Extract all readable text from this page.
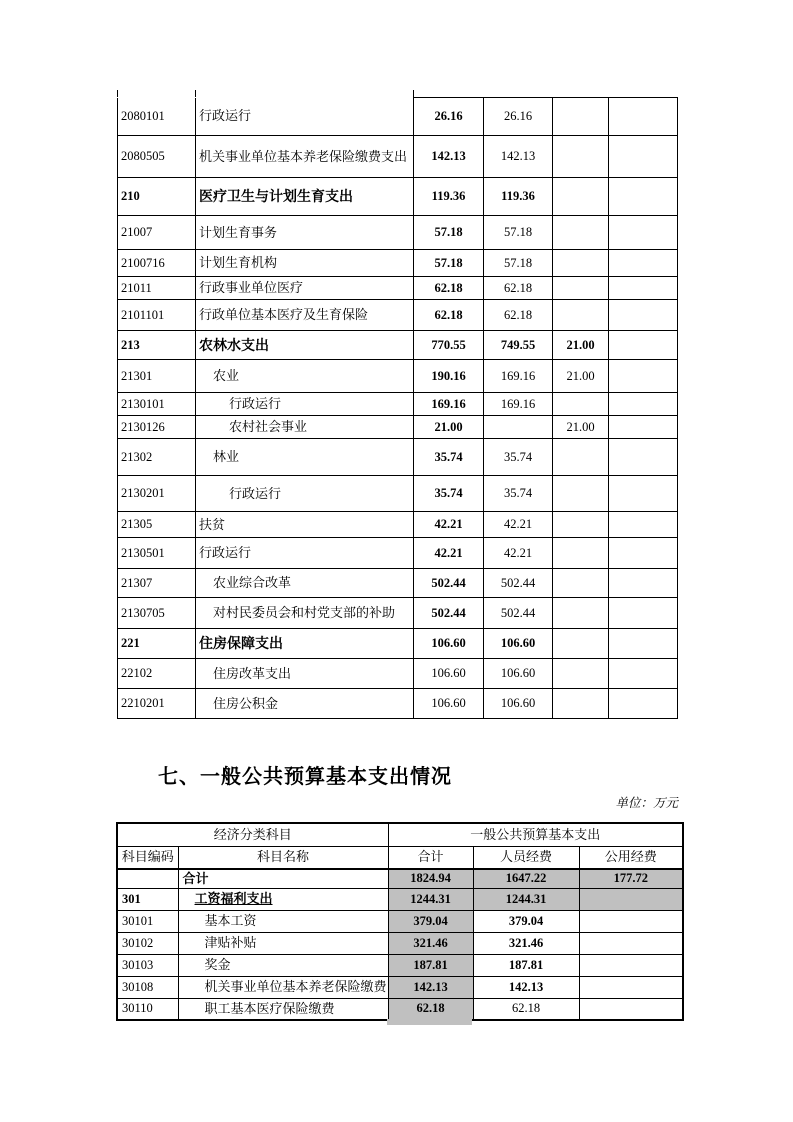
2080101	行政运行	26.16	26.16		
2080505	机关事业单位基本养老保险缴费支出	142.13	142.13		
210	医疗卫生与计划生育支出	119.36	119.36		
21007	计划生育事务	57.18	57.18		
2100716	计划生育机构	57.18	57.18		
21011	行政事业单位医疗	62.18	62.18		
2101101	行政单位基本医疗及生育保险	62.18	62.18		
213	农林水支出	770.55	749.55	21.00	
21301	农业	190.16	169.16	21.00	
2130101	行政运行	169.16	169.16		
2130126	农村社会事业	21.00		21.00	
21302	林业	35.74	35.74		
2130201	行政运行	35.74	35.74		
21305	扶贫	42.21	42.21		
2130501	行政运行	42.21	42.21		
21307	农业综合改革	502.44	502.44		
2130705	对村民委员会和村党支部的补助	502.44	502.44		
221	住房保障支出	106.60	106.60		
22102	住房改革支出	106.60	106.60		
2210201	住房公积金	106.60	106.60		
七、一般公共预算基本支出情况
单位：万元
经济分类科目		一般公共预算基本支出		
科目编码	科目名称	合计	人员经费	公用经费
	合计	1824.94	1647.22	177.72
301	工资福利支出	1244.31	1244.31	
30101	基本工资	379.04	379.04	
30102	津贴补贴	321.46	321.46	
30103	奖金	187.81	187.81	
30108	机关事业单位基本养老保险缴费	142.13	142.13	
30110	职工基本医疗保险缴费	62.18	62.18	
